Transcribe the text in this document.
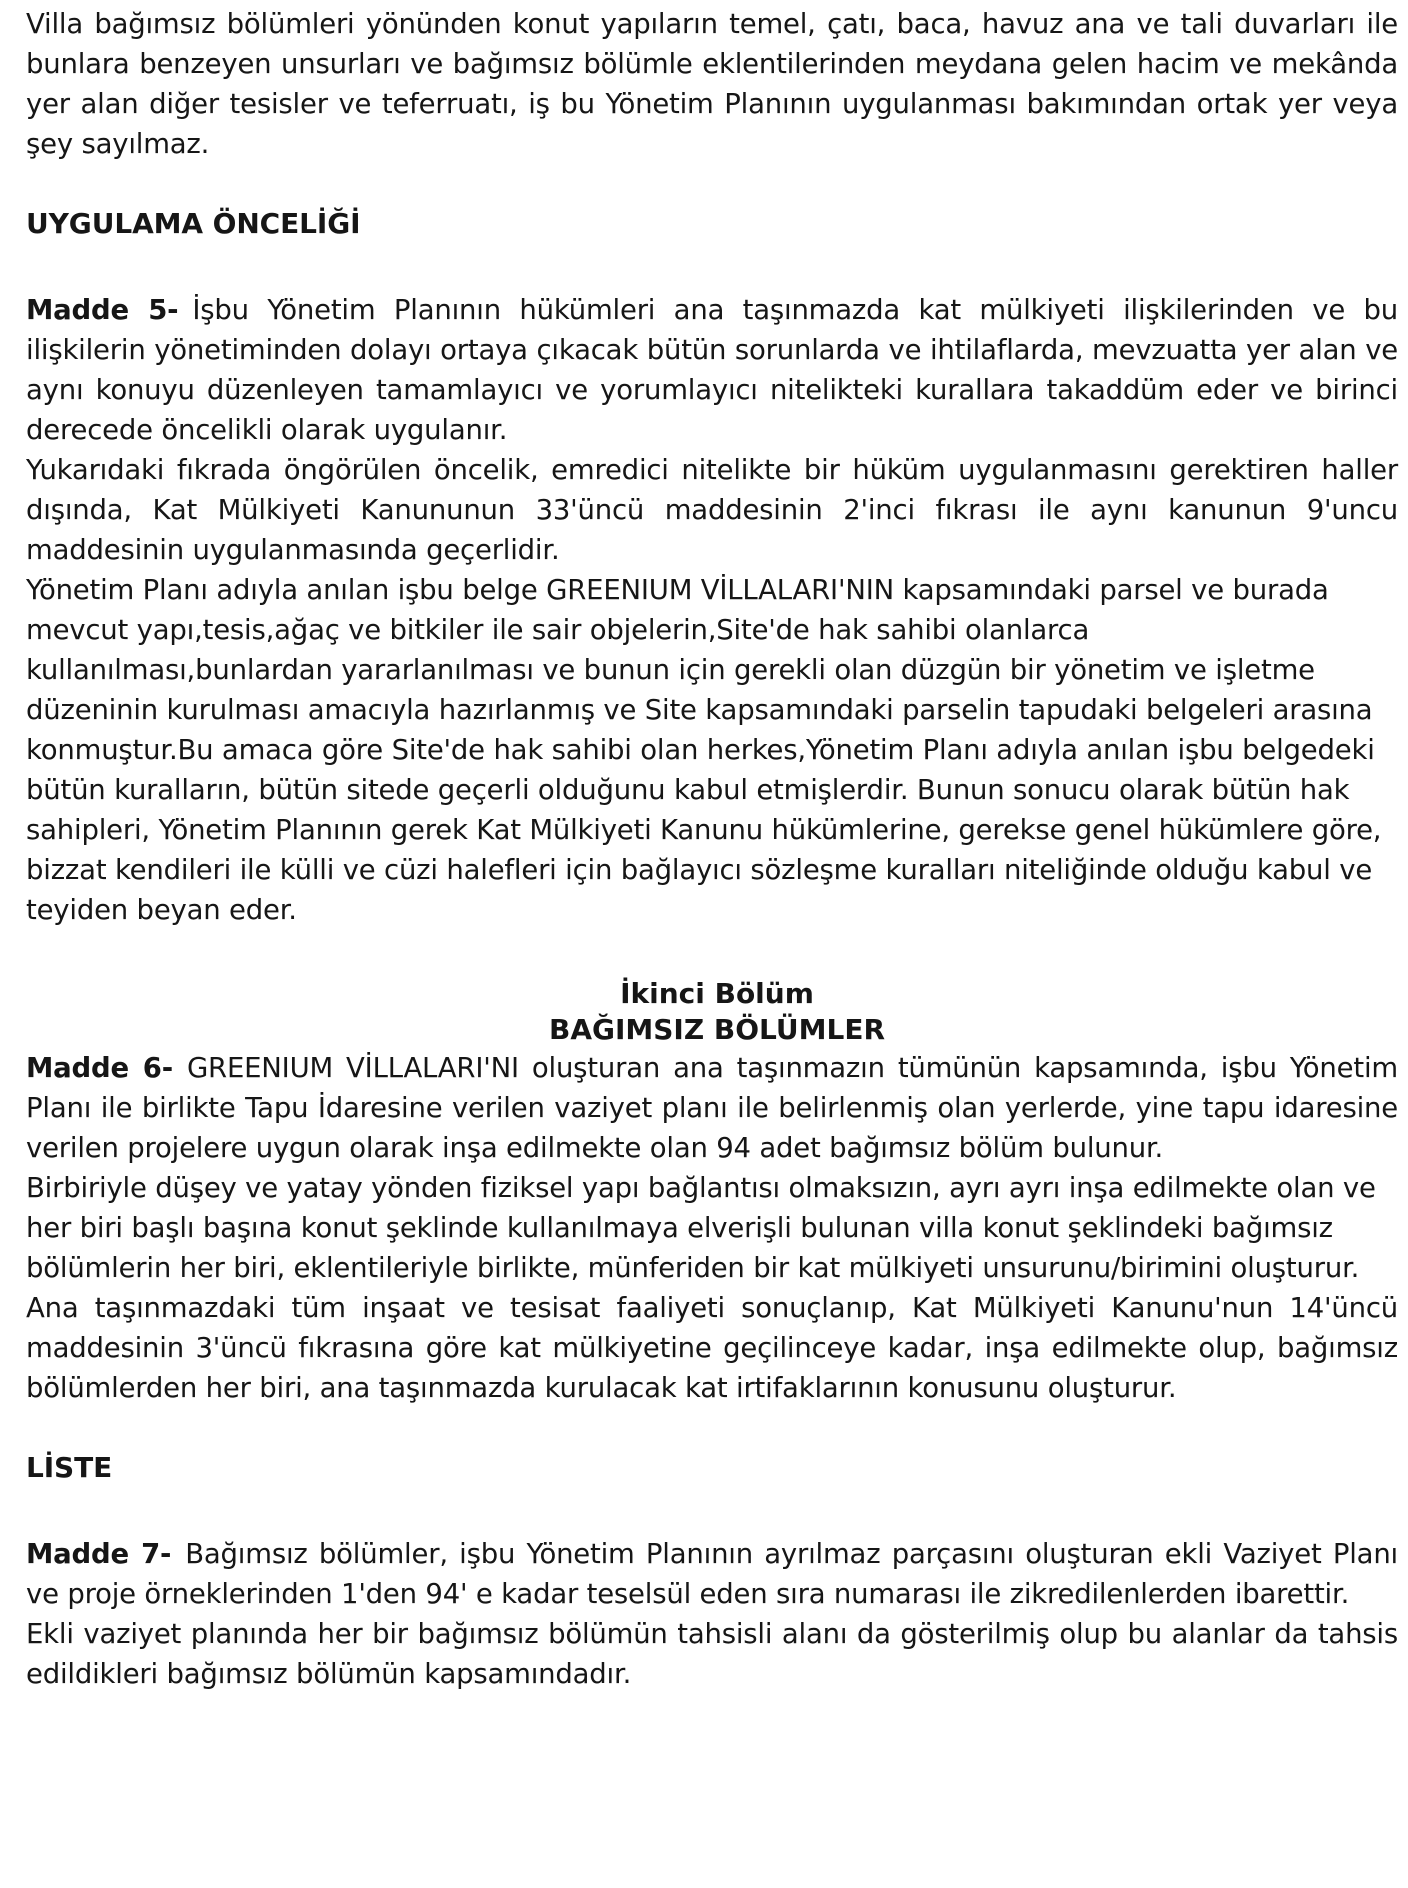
Villa bağımsız bölümleri yönünden konut yapıların temel, çatı, baca, havuz ana ve tali duvarları ile bunlara benzeyen unsurları ve bağımsız bölümle eklentilerinden meydana gelen hacim ve mekânda yer alan diğer tesisler ve teferruatı, iş bu Yönetim Planının uygulanması bakımından ortak yer veya şey sayılmaz.

UYGULAMA ÖNCELİĞİ

Madde 5- İşbu Yönetim Planının hükümleri ana taşınmazda kat mülkiyeti ilişkilerinden ve bu ilişkilerin yönetiminden dolayı ortaya çıkacak bütün sorunlarda ve ihtilaflarda, mevzuatta yer alan ve aynı konuyu düzenleyen tamamlayıcı ve yorumlayıcı nitelikteki kurallara takaddüm eder ve birinci derecede öncelikli olarak uygulanır.

Yukarıdaki fıkrada öngörülen öncelik, emredici nitelikte bir hüküm uygulanmasını gerektiren haller dışında, Kat Mülkiyeti Kanununun 33'üncü maddesinin 2'inci fıkrası ile aynı kanunun 9'uncu maddesinin uygulanmasında geçerlidir.

Yönetim Planı adıyla anılan işbu belge GREENIUM VİLLALARI'NIN kapsamındaki parsel ve burada mevcut yapı,tesis,ağaç ve bitkiler ile sair objelerin,Site'de hak sahibi olanlarca kullanılması,bunlardan yararlanılması ve bunun için gerekli olan düzgün bir yönetim ve işletme düzeninin kurulması amacıyla hazırlanmış ve Site kapsamındaki parselin tapudaki belgeleri arasına konmuştur.Bu amaca göre Site'de hak sahibi olan herkes,Yönetim Planı adıyla anılan işbu belgedeki bütün kuralların, bütün sitede geçerli olduğunu kabul etmişlerdir. Bunun sonucu olarak bütün hak sahipleri, Yönetim Planının gerek Kat Mülkiyeti Kanunu hükümlerine, gerekse genel hükümlere göre, bizzat kendileri ile külli ve cüzi halefleri için bağlayıcı sözleşme kuralları niteliğinde olduğu kabul ve teyiden beyan eder.

İkinci Bölüm
BAĞIMSIZ BÖLÜMLER

Madde 6- GREENIUM VİLLALARI'NI oluşturan ana taşınmazın tümünün kapsamında, işbu Yönetim Planı ile birlikte Tapu İdaresine verilen vaziyet planı ile belirlenmiş olan yerlerde, yine tapu idaresine verilen projelere uygun olarak inşa edilmekte olan 94 adet bağımsız bölüm bulunur.

Birbiriyle düşey ve yatay yönden fiziksel yapı bağlantısı olmaksızın, ayrı ayrı inşa edilmekte olan ve her biri başlı başına konut şeklinde kullanılmaya elverişli bulunan villa konut şeklindeki bağımsız bölümlerin her biri, eklentileriyle birlikte, münferiden bir kat mülkiyeti unsurunu/birimini oluşturur.

Ana taşınmazdaki tüm inşaat ve tesisat faaliyeti sonuçlanıp, Kat Mülkiyeti Kanunu'nun 14'üncü maddesinin 3'üncü fıkrasına göre kat mülkiyetine geçilinceye kadar, inşa edilmekte olup, bağımsız bölümlerden her biri, ana taşınmazda kurulacak kat irtifaklarının konusunu oluşturur.

LİSTE

Madde 7- Bağımsız bölümler, işbu Yönetim Planının ayrılmaz parçasını oluşturan ekli Vaziyet Planı ve proje örneklerinden 1'den 94' e kadar teselsül eden sıra numarası ile zikredilenlerden ibarettir.

Ekli vaziyet planında her bir bağımsız bölümün tahsisli alanı da gösterilmiş olup bu alanlar da tahsis edildikleri bağımsız bölümün kapsamındadır.
